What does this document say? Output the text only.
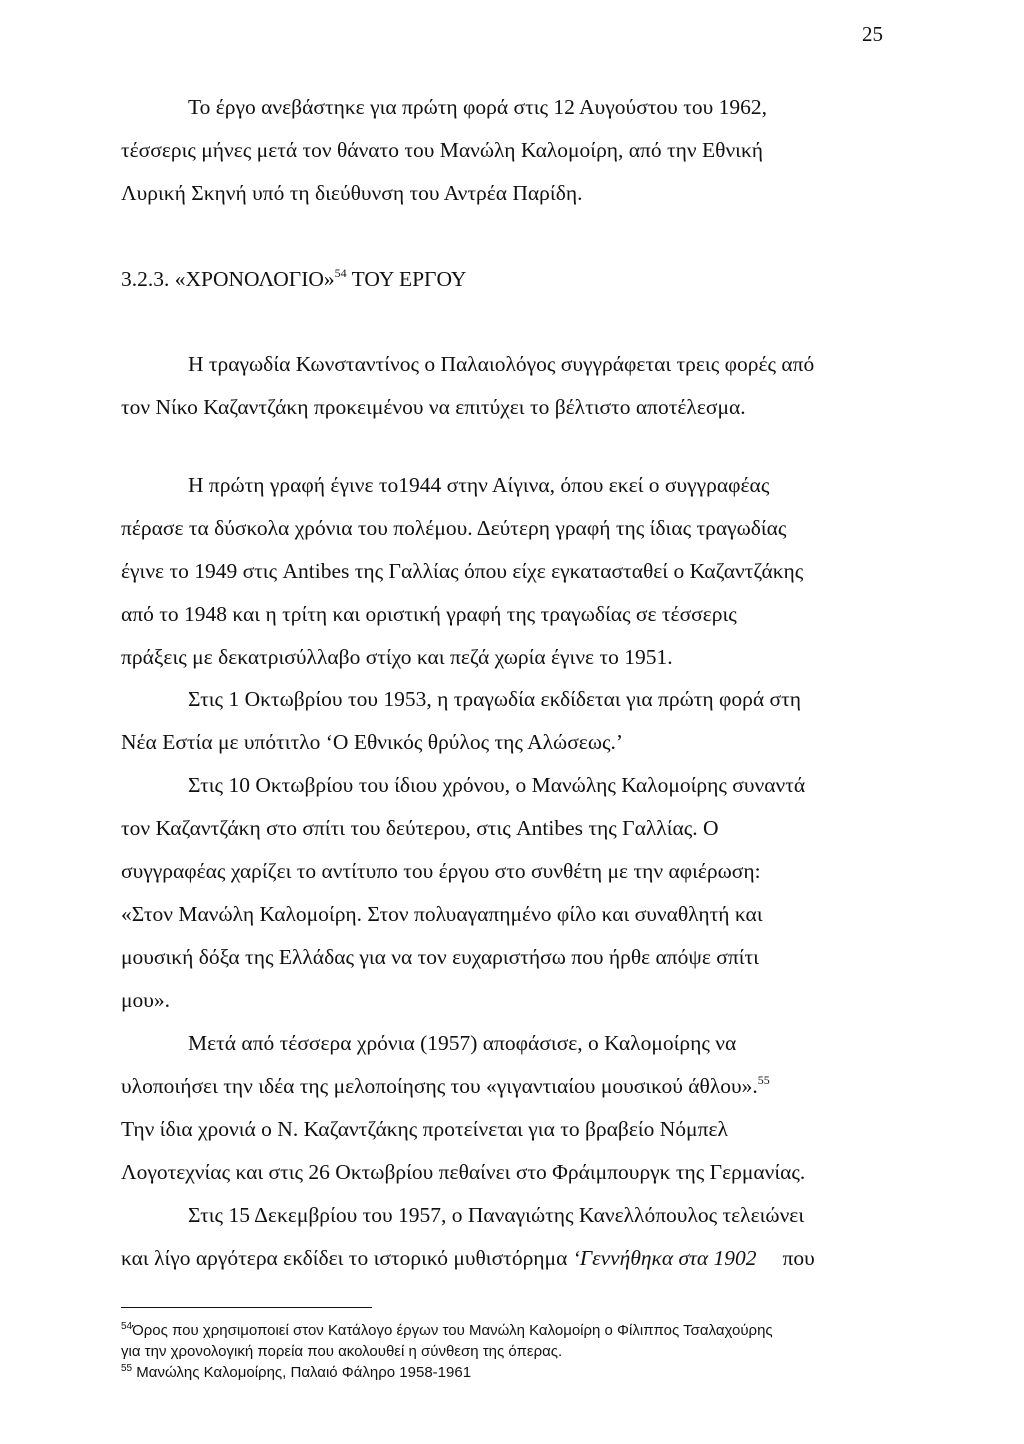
25
Το έργο ανεβάστηκε για πρώτη φορά στις 12 Αυγούστου του 1962,
τέσσερις μήνες μετά τον θάνατο του Μανώλη Καλομοίρη, από την Εθνική
Λυρική Σκηνή υπό τη διεύθυνση του Αντρέα Παρίδη.
3.2.3. «ΧΡΟΝΟΛΟΓΙΟ»$^{54}$ ΤΟΥ ΕΡΓΟΥ
Η τραγωδία Κωνσταντίνος ο Παλαιολόγος συγγράφεται τρεις φορές από
τον Νίκο Καζαντζάκη προκειμένου να επιτύχει το βέλτιστο αποτέλεσμα.
Η πρώτη γραφή έγινε το1944 στην Αίγινα, όπου εκεί ο συγγραφέας
πέρασε τα δύσκολα χρόνια του πολέμου. Δεύτερη γραφή της ίδιας τραγωδίας
έγινε το 1949 στις Antibes της Γαλλίας όπου είχε εγκατασταθεί ο Καζαντζάκης
από το 1948 και η τρίτη και οριστική γραφή της τραγωδίας σε τέσσερις
πράξεις με δεκατρισύλλαβο στίχο και πεζά χωρία έγινε το 1951.
Στις 1 Οκτωβρίου του 1953, η τραγωδία εκδίδεται για πρώτη φορά στη
Νέα Εστία με υπότιτλο ‘Ο Εθνικός θρύλος της Αλώσεως.’
Στις 10 Οκτωβρίου του ίδιου χρόνου, ο Μανώλης Καλομοίρης συναντά
τον Καζαντζάκη στο σπίτι του δεύτερου, στις Antibes της Γαλλίας. Ο
συγγραφέας χαρίζει το αντίτυπο του έργου στο συνθέτη με την αφιέρωση:
«Στον Μανώλη Καλομοίρη. Στον πολυαγαπημένο φίλο και συναθλητή και
μουσική δόξα της Ελλάδας για να τον ευχαριστήσω που ήρθε απόψε σπίτι
μου».
Μετά από τέσσερα χρόνια (1957) αποφάσισε, ο Καλομοίρης να
υλοποιήσει την ιδέα της μελοποίησης του «γιγαντιαίου μουσικού άθλου».$^{55}$
Την ίδια χρονιά ο Ν. Καζαντζάκης προτείνεται για το βραβείο Νόμπελ
Λογοτεχνίας και στις 26 Οκτωβρίου πεθαίνει στο Φράιμπουργκ της Γερμανίας.
Στις 15 Δεκεμβρίου του 1957, ο Παναγιώτης Κανελλόπουλος τελειώνει
και λίγο αργότερα εκδίδει το ιστορικό μυθιστόρημα ‘Γεννήθηκα στα 1902 που
$^{54}$Όρος που χρησιμοποιεί στον Κατάλογο έργων του Μανώλη Καλομοίρη ο Φίλιππος Τσαλαχούρης
για την χρονολογική πορεία που ακολουθεί η σύνθεση της όπερας.
$^{55}$ Μανώλης Καλομοίρης, Παλαιό Φάληρο 1958-1961
